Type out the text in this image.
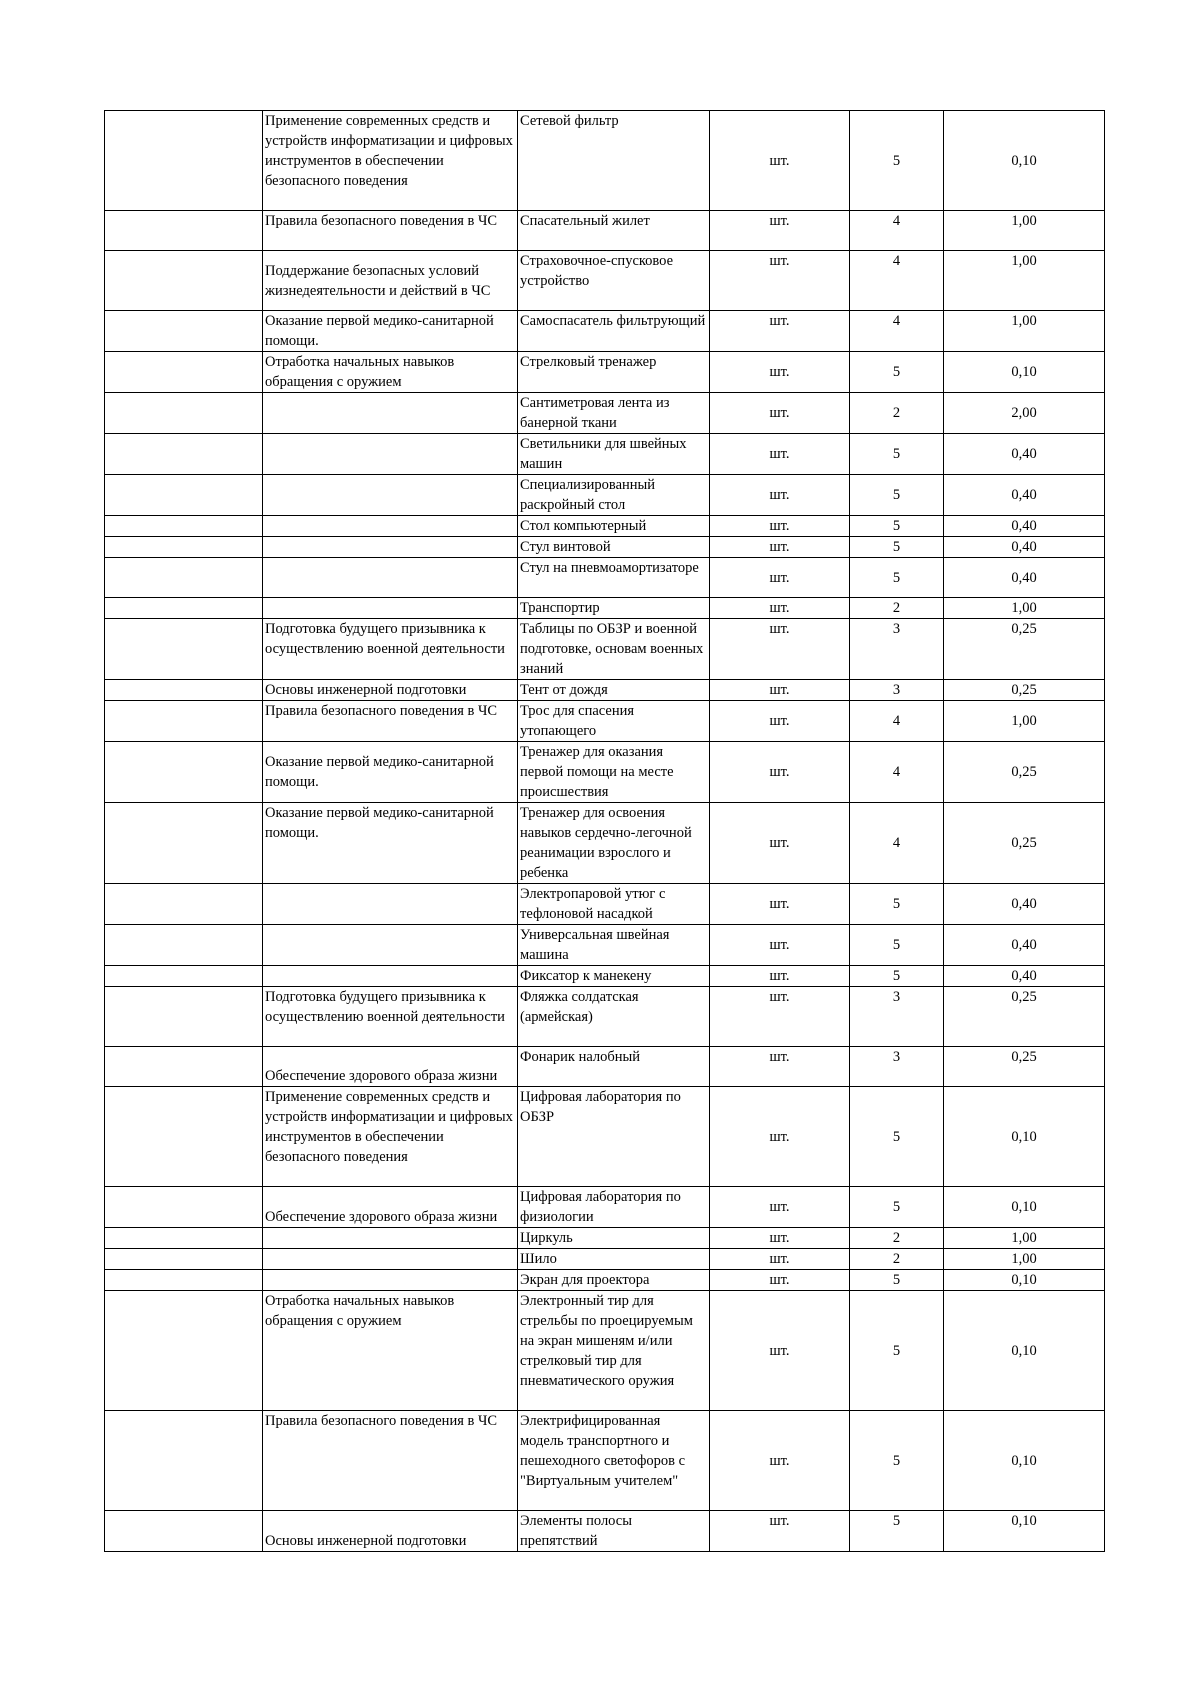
	Применение современных средств и устройств информатизации и цифровых инструментов в обеспечении безопасного поведения	Сетевой фильтр	шт.	5	0,10
	Правила безопасного поведения в ЧС	Спасательный жилет	шт.	4	1,00
	Поддержание безопасных условий жизнедеятельности и действий в ЧС	Страховочное-спусковое устройство	шт.	4	1,00
	Оказание первой медико-санитарной помощи.	Самоспасатель фильтрующий	шт.	4	1,00
	Отработка начальных навыков обращения с оружием	Стрелковый тренажер	шт.	5	0,10
		Сантиметровая лента из банерной ткани	шт.	2	2,00
		Светильники для швейных машин	шт.	5	0,40
		Специализированный раскройный стол	шт.	5	0,40
		Стол компьютерный	шт.	5	0,40
		Стул винтовой	шт.	5	0,40
		Стул на пневмоамортизаторе	шт.	5	0,40
		Транспортир	шт.	2	1,00
	Подготовка будущего призывника к осуществлению военной деятельности	Таблицы по ОБЗР и военной подготовке, основам военных знаний	шт.	3	0,25
	Основы инженерной подготовки	Тент от дождя	шт.	3	0,25
	Правила безопасного поведения в ЧС	Трос для спасения утопающего	шт.	4	1,00
	Оказание первой медико-санитарной помощи.	Тренажер для оказания первой помощи на месте происшествия	шт.	4	0,25
	Оказание первой медико-санитарной помощи.	Тренажер для освоения навыков сердечно-легочной реанимации взрослого и ребенка	шт.	4	0,25
		Электропаровой утюг с тефлоновой насадкой	шт.	5	0,40
		Универсальная швейная машина	шт.	5	0,40
		Фиксатор к манекену	шт.	5	0,40
	Подготовка будущего призывника к осуществлению военной деятельности	Фляжка солдатская (армейская)	шт.	3	0,25
	Обеспечение здорового образа жизни	Фонарик налобный	шт.	3	0,25
	Применение современных средств и устройств информатизации и цифровых инструментов в обеспечении безопасного поведения	Цифровая лаборатория по ОБЗР	шт.	5	0,10
	Обеспечение здорового образа жизни	Цифровая лаборатория по физиологии	шт.	5	0,10
		Циркуль	шт.	2	1,00
		Шило	шт.	2	1,00
		Экран для проектора	шт.	5	0,10
	Отработка начальных навыков обращения с оружием	Электронный тир для стрельбы по проецируемым на экран мишеням и/или стрелковый тир для пневматического оружия	шт.	5	0,10
	Правила безопасного поведения в ЧС	Электрифицированная модель транспортного и пешеходного светофоров с "Виртуальным учителем"	шт.	5	0,10
	Основы инженерной подготовки	Элементы полосы препятствий	шт.	5	0,10
